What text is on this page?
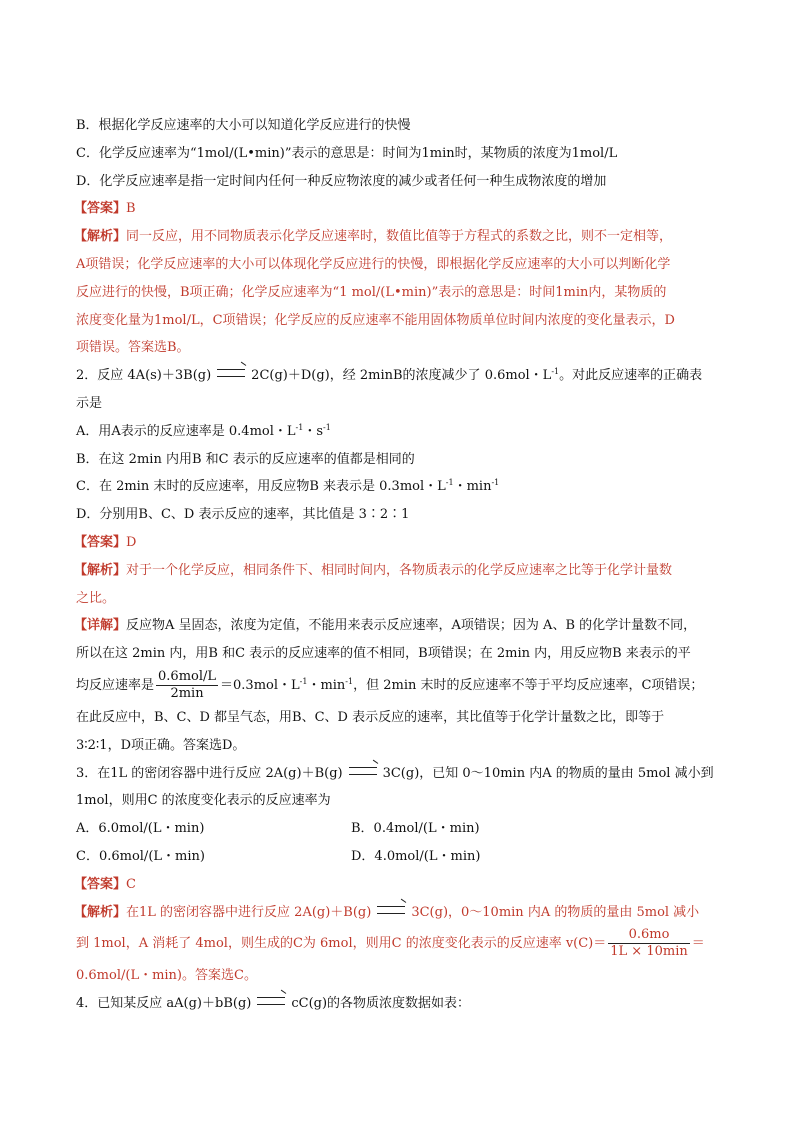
B．根据化学反应速率的大小可以知道化学反应进行的快慢
C．化学反应速率为“1mol/(L•min)”表示的意思是：时间为1min时，某物质的浓度为1mol/L
D．化学反应速率是指一定时间内任何一种反应物浓度的减少或者任何一种生成物浓度的增加
【答案】B
【解析】同一反应，用不同物质表示化学反应速率时，数值比值等于方程式的系数之比，则不一定相等，
A项错误；化学反应速率的大小可以体现化学反应进行的快慢，即根据化学反应速率的大小可以判断化学
反应进行的快慢，B项正确；化学反应速率为“1 mol/(L•min)”表示的意思是：时间1min内，某物质的
浓度变化量为1mol/L，C项错误；化学反应的反应速率不能用固体物质单位时间内浓度的变化量表示，D
项错误。答案选B。
2．反应 4A(s)＋3B(g)	2C(g)＋D(g)，经 2minB的浓度减少了 0.6mol・$L^{-1}$。对此反应速率的正确表
示是
A．用A表示的反应速率是 0.4mol・$L^{-1}$・$s^{-1}$
B．在这 2min 内用B 和C 表示的反应速率的值都是相同的
C．在 2min 末时的反应速率，用反应物B 来表示是 0.3mol・$L^{-1}$・$\min^{-1}$
D．分别用B、C、D 表示反应的速率，其比值是 3∶2∶1
【答案】D
【解析】对于一个化学反应，相同条件下、相同时间内，各物质表示的化学反应速率之比等于化学计量数
之比。
【详解】反应物A 呈固态，浓度为定值，不能用来表示反应速率，A项错误；因为 A、B 的化学计量数不同，
所以在这 2min 内，用B 和C 表示的反应速率的值不相同，B项错误；在 2min 内，用反应物B 来表示的平
均反应速率是 $\frac{\text{0.6mol/L}}{2\min} =0.3mol$・$L^{-1}$・$\min^{-1}$，但 2min 末时的反应速率不等于平均反应速率，C项错误；
在此反应中，B、C、D 都呈气态，用B、C、D 表示反应的速率，其比值等于化学计量数之比，即等于
3∶2∶1，D项正确。答案选D。
3．在1L 的密闭容器中进行反应 2A(g)＋B(g)	3C(g)，已知 0～10min 内A 的物质的量由 5mol 减小到
1mol，则用C 的浓度变化表示的反应速率为
A．6.0mol/(L・min)	B．0.4mol/(L・min)
C．0.6mol/(L・min)	D．4.0mol/(L・min)
【答案】C
【解析】在1L 的密闭容器中进行反应 2A(g)＋B(g)	3C(g)，0～10min 内A 的物质的量由 5mol 减小
到 1mol，A 消耗了 4mol，则生成的C为 6mol，则用C 的浓度变化表示的反应速率 $v(C)= \frac{0.6mo}{1L \times 10\min}$ ＝
0.6mol/(L・min)。答案选C。
4．已知某反应 aA(g)＋bB(g)	cC(g)的各物质浓度数据如表：
